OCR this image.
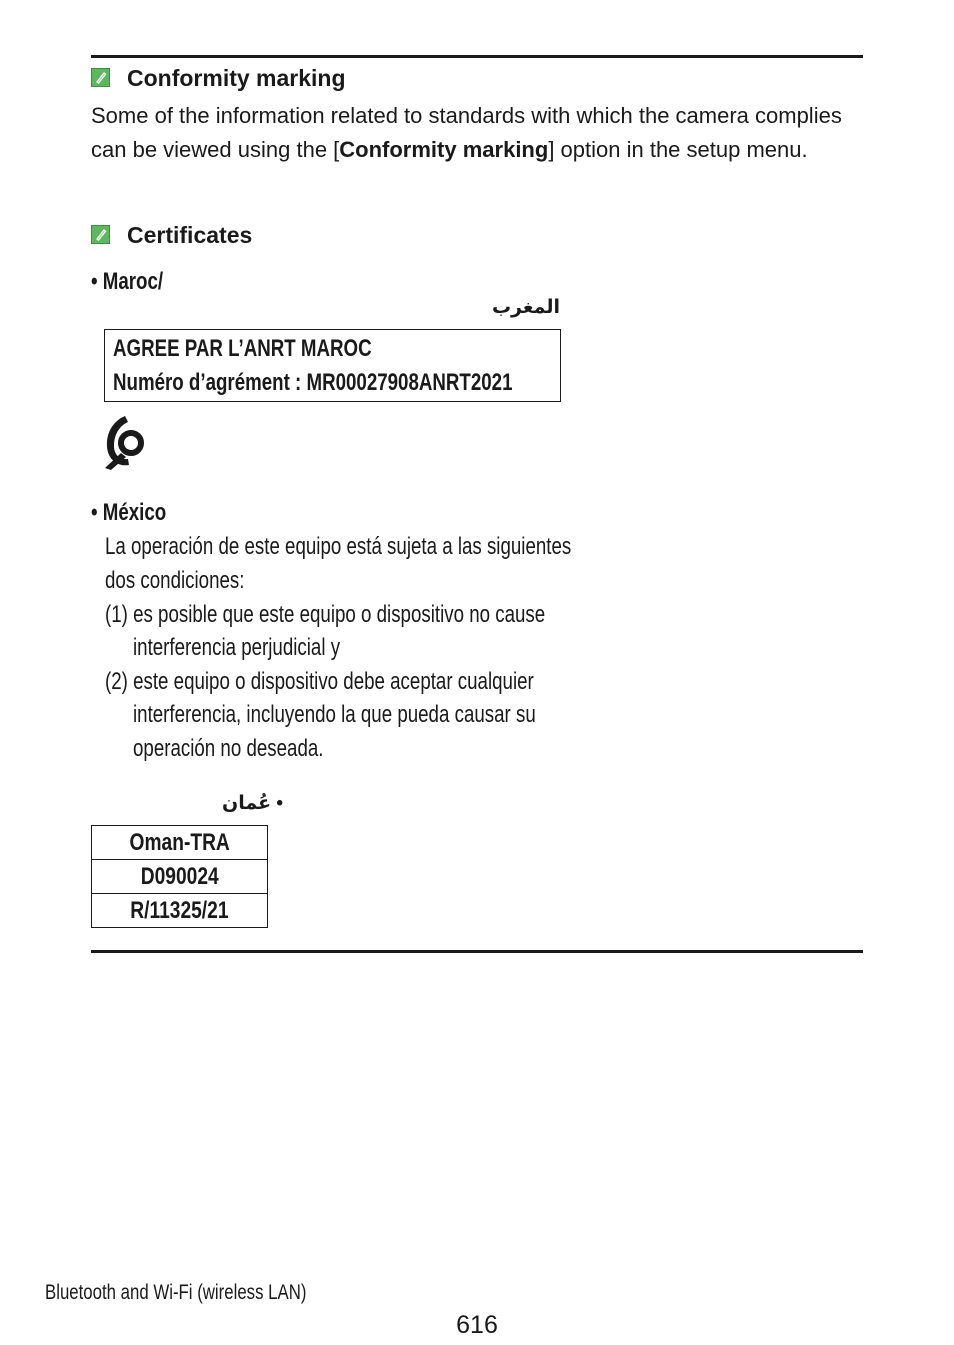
Conformity marking
Some of the information related to standards with which the camera complies can be viewed using the [Conformity marking] option in the setup menu.
Certificates
• Maroc/
المغرب
AGREE PAR L’ANRT MAROC
Numéro d’agrément : MR00027908ANRT2021
• México
La operación de este equipo está sujeta a las siguientes
dos condiciones:
(1) es posible que este equipo o dispositivo no cause
interferencia perjudicial y
(2) este equipo o dispositivo debe aceptar cualquier
interferencia, incluyendo la que pueda causar su
operación no deseada.
• عُمان
Oman-TRA
D090024
R/11325/21
Bluetooth and Wi-Fi (wireless LAN)
616
